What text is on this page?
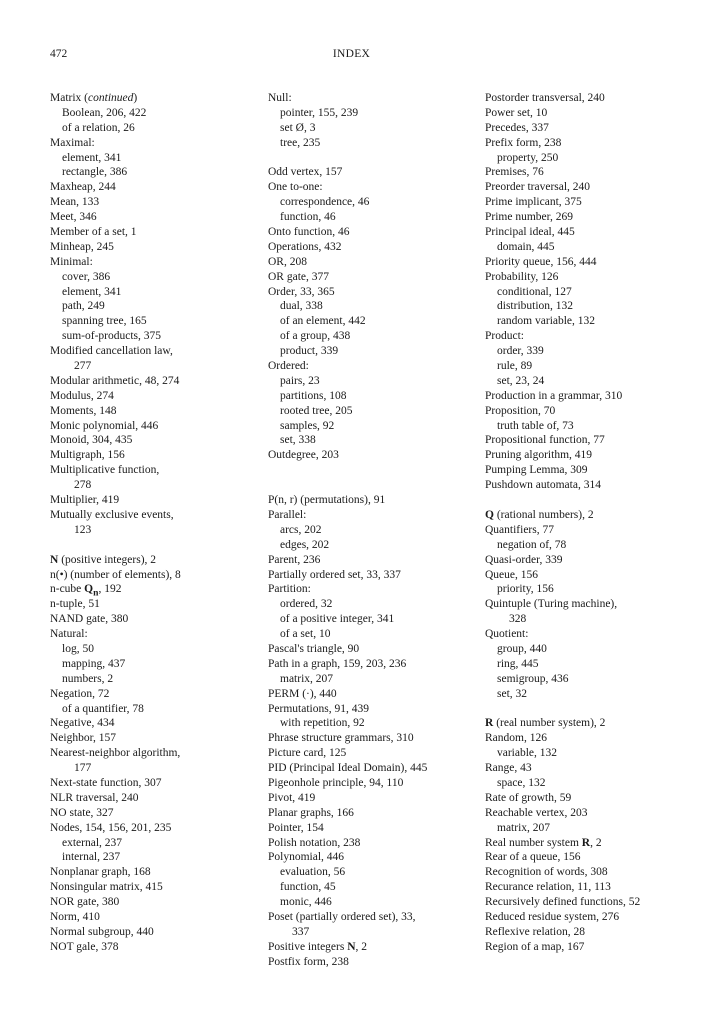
472	INDEX
Matrix (continued)
Boolean, 206, 422
of a relation, 26
Maximal:
element, 341
rectangle, 386
Maxheap, 244
Mean, 133
Meet, 346
Member of a set, 1
Minheap, 245
Minimal:
cover, 386
element, 341
path, 249
spanning tree, 165
sum-of-products, 375
Modified cancellation law,
277
Modular arithmetic, 48, 274
Modulus, 274
Moments, 148
Monic polynomial, 446
Monoid, 304, 435
Multigraph, 156
Multiplicative function,
278
Multiplier, 419
Mutually exclusive events,
123
N (positive integers), 2
n(•) (number of elements), 8
n-cube $Q_n$, 192
n-tuple, 51
NAND gate, 380
Natural:
log, 50
mapping, 437
numbers, 2
Negation, 72
of a quantifier, 78
Negative, 434
Neighbor, 157
Nearest-neighbor algorithm,
177
Next-state function, 307
NLR traversal, 240
NO state, 327
Nodes, 154, 156, 201, 235
external, 237
internal, 237
Nonplanar graph, 168
Nonsingular matrix, 415
NOR gate, 380
Norm, 410
Normal subgroup, 440
NOT gale, 378
Null:
pointer, 155, 239
set Ø, 3
tree, 235
Odd vertex, 157
One to-one:
correspondence, 46
function, 46
Onto function, 46
Operations, 432
OR, 208
OR gate, 377
Order, 33, 365
dual, 338
of an element, 442
of a group, 438
product, 339
Ordered:
pairs, 23
partitions, 108
rooted tree, 205
samples, 92
set, 338
Outdegree, 203
P(n, r) (permutations), 91
Parallel:
arcs, 202
edges, 202
Parent, 236
Partially ordered set, 33, 337
Partition:
ordered, 32
of a positive integer, 341
of a set, 10
Pascal's triangle, 90
Path in a graph, 159, 203, 236
matrix, 207
PERM (·), 440
Permutations, 91, 439
with repetition, 92
Phrase structure grammars, 310
Picture card, 125
PID (Principal Ideal Domain), 445
Pigeonhole principle, 94, 110
Pivot, 419
Planar graphs, 166
Pointer, 154
Polish notation, 238
Polynomial, 446
evaluation, 56
function, 45
monic, 446
Poset (partially ordered set), 33,
337
Positive integers N, 2
Postfix form, 238
Postorder transversal, 240
Power set, 10
Precedes, 337
Prefix form, 238
property, 250
Premises, 76
Preorder traversal, 240
Prime implicant, 375
Prime number, 269
Principal ideal, 445
domain, 445
Priority queue, 156, 444
Probability, 126
conditional, 127
distribution, 132
random variable, 132
Product:
order, 339
rule, 89
set, 23, 24
Production in a grammar, 310
Proposition, 70
truth table of, 73
Propositional function, 77
Pruning algorithm, 419
Pumping Lemma, 309
Pushdown automata, 314
Q (rational numbers), 2
Quantifiers, 77
negation of, 78
Quasi-order, 339
Queue, 156
priority, 156
Quintuple (Turing machine),
328
Quotient:
group, 440
ring, 445
semigroup, 436
set, 32
R (real number system), 2
Random, 126
variable, 132
Range, 43
space, 132
Rate of growth, 59
Reachable vertex, 203
matrix, 207
Real number system R, 2
Rear of a queue, 156
Recognition of words, 308
Recurance relation, 11, 113
Recursively defined functions, 52
Reduced residue system, 276
Reflexive relation, 28
Region of a map, 167
